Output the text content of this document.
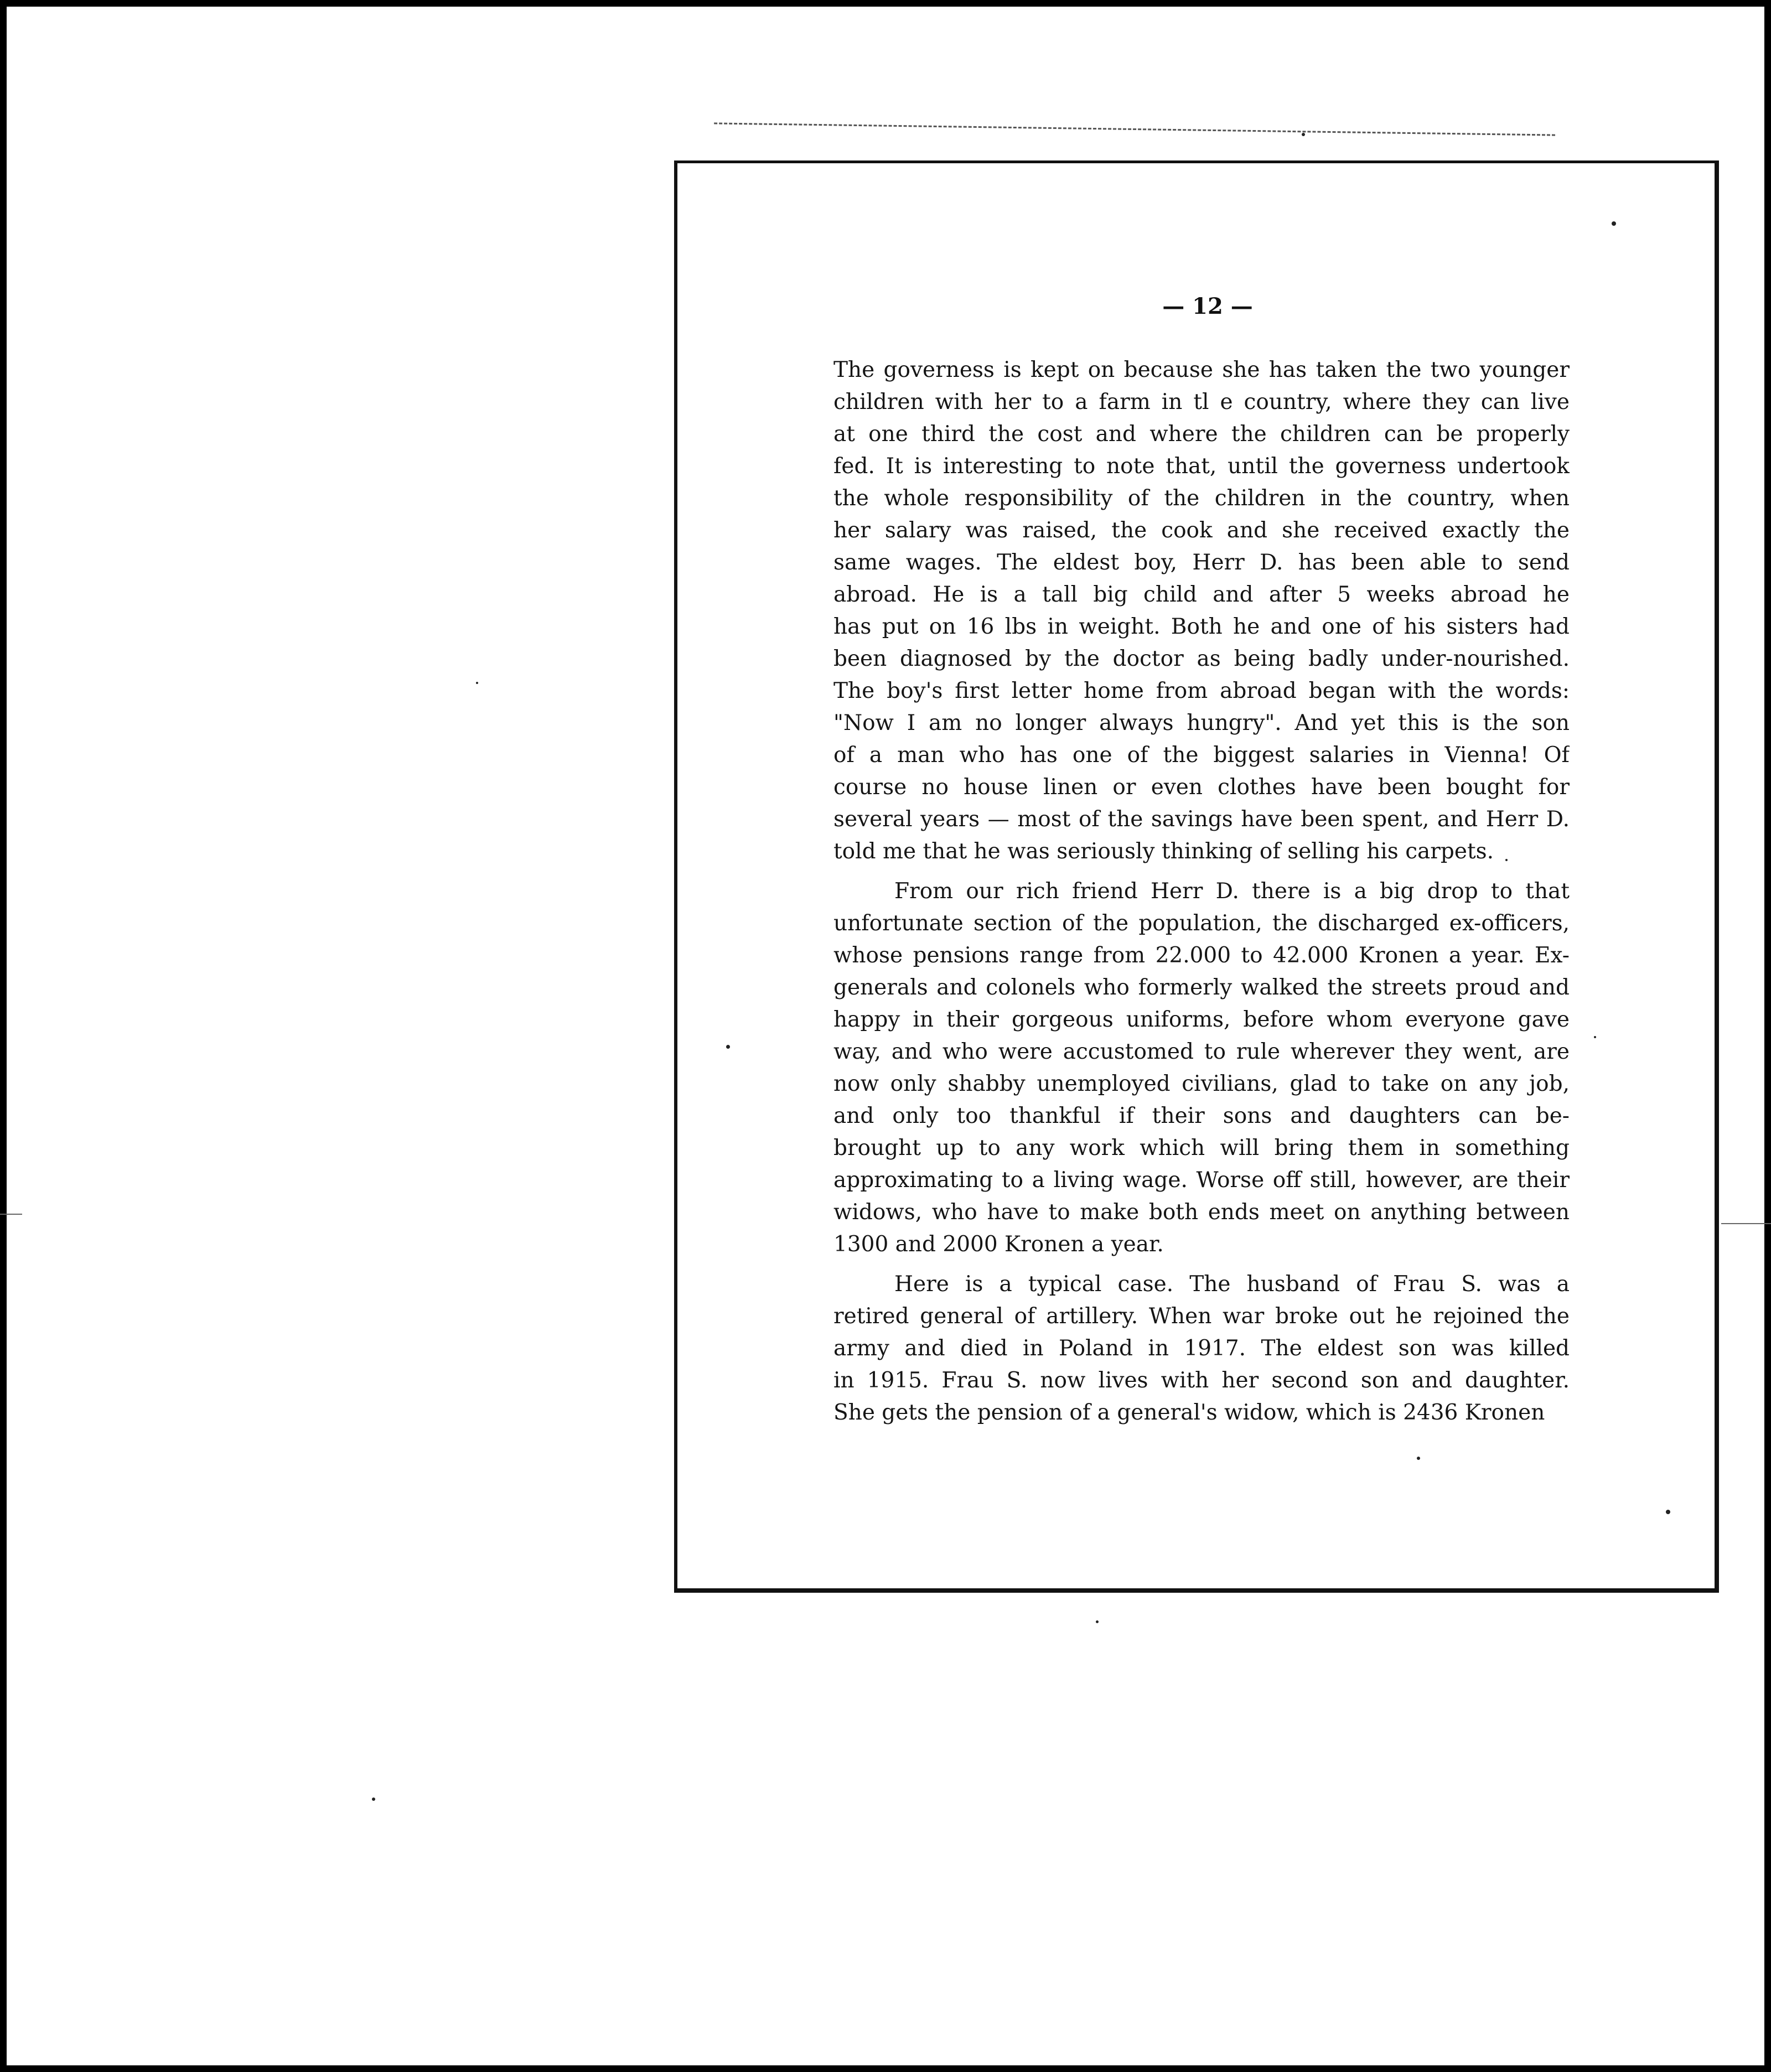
— 12 —
The governess is kept on because she has taken the two younger
children with her to a farm in tl e country, where they can live
at one third the cost and where the children can be properly
fed. It is interesting to note that, until the governess undertook
the whole responsibility of the children in the country, when
her salary was raised, the cook and she received exactly the
same wages. The eldest boy, Herr D. has been able to send
abroad. He is a tall big child and after 5 weeks abroad he
has put on 16 lbs in weight. Both he and one of his sisters had
been diagnosed by the doctor as being badly under-nourished.
The boy's first letter home from abroad began with the words:
"Now I am no longer always hungry". And yet this is the son
of a man who has one of the biggest salaries in Vienna! Of
course no house linen or even clothes have been bought for
several years — most of the savings have been spent, and Herr D.
told me that he was seriously thinking of selling his carpets.
From our rich friend Herr D. there is a big drop to that
unfortunate section of the population, the discharged ex-officers,
whose pensions range from 22.000 to 42.000 Kronen a year. Ex-
generals and colonels who formerly walked the streets proud and
happy in their gorgeous uniforms, before whom everyone gave
way, and who were accustomed to rule wherever they went, are
now only shabby unemployed civilians, glad to take on any job,
and only too thankful if their sons and daughters can be-
brought up to any work which will bring them in something
approximating to a living wage. Worse off still, however, are their
widows, who have to make both ends meet on anything between
1300 and 2000 Kronen a year.
Here is a typical case. The husband of Frau S. was a
retired general of artillery. When war broke out he rejoined the
army and died in Poland in 1917. The eldest son was killed
in 1915. Frau S. now lives with her second son and daughter.
She gets the pension of a general's widow, which is 2436 Kronen
